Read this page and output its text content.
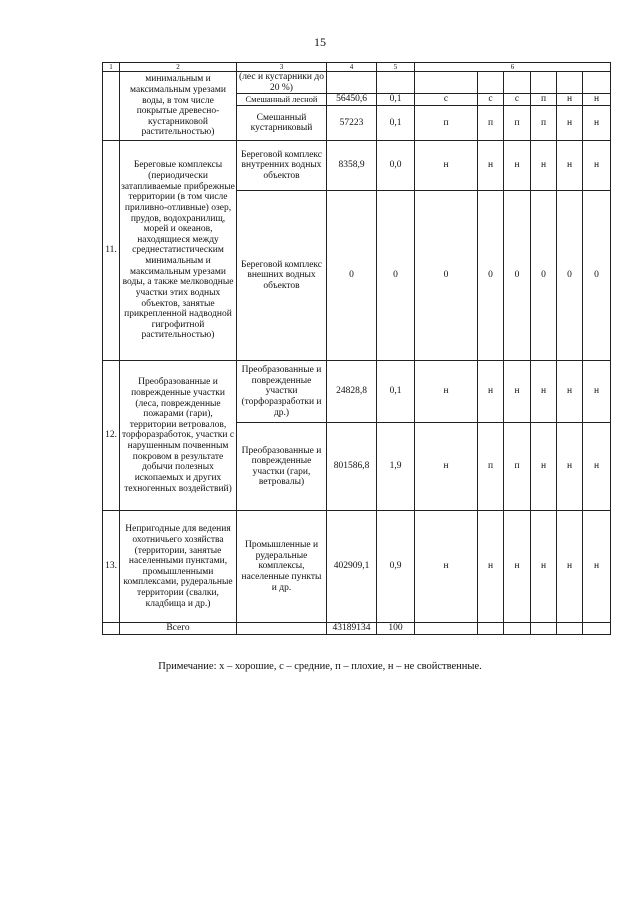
15
1	2	3	4	5	6					
	минимальным и максимальным урезами воды, в том числе покрытые древесно-кустарниковой растительностью)	(лес и кустарники до 20 %)								
		Смешанный лесной	56450,6	0,1	с	с	с	п	н	н
		Смешанный кустарниковый	57223	0,1	п	п	п	п	н	н
11.	Береговые комплексы (периодически затапливаемые прибрежные территории (в том числе приливно-отливные) озер, прудов, водохранилищ, морей и океанов, находящиеся между среднестатистическим минимальным и максимальным урезами воды, а также мелководные участки этих водных объектов, занятые прикрепленной надводной гигрофитной растительностью)	Береговой комплекс внутренних водных объектов	8358,9	0,0	н	н	н	н	н	н
		Береговой комплекс внешних водных объектов	0	0	0	0	0	0	0	0
12.	Преобразованные и поврежденные участки (леса, поврежденные пожарами (гари), территории ветровалов, торфоразработок, участки с нарушенным почвенным покровом в результате добычи полезных ископаемых и других техногенных воздействий)	Преобразованные и поврежденные участки (торфоразработки и др.)	24828,8	0,1	н	н	н	н	н	н
		Преобразованные и поврежденные участки (гари, ветровалы)	801586,8	1,9	н	п	п	н	н	н
13.	Непригодные для ведения охотничьего хозяйства (территории, занятые населенными пунктами, промышленными комплексами, рудеральные территории (свалки, кладбища и др.)	Промышленные и рудеральные комплексы, населенные пункты и др.	402909,1	0,9	н	н	н	н	н	н
	Всего		43189134	100						
Примечание: х – хорошие, с – средние, п – плохие, н – не свойственные.
